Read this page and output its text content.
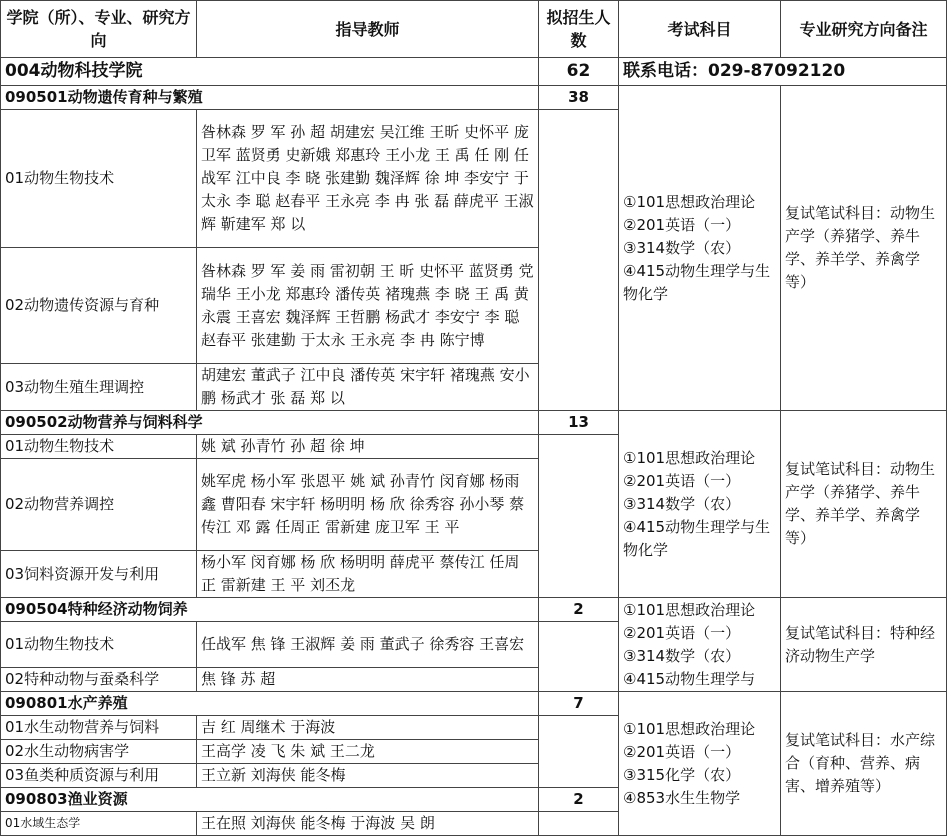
学院（所）、专业、研究方向	指导教师	拟招生人数	考试科目	专业研究方向备注
004动物科技学院		62	联系电话：029-87092120	
090501动物遗传育种与繁殖		38	①101思想政治理论
②201英语（一）
③314数学（农）
④415动物生理学与生物化学	复试笔试科目：动物生产学（养猪学、养牛学、养羊学、养禽学等）
01动物生物技术	昝林森 罗 军 孙 超 胡建宏 吴江维 王昕 史怀平 庞卫军 蓝贤勇 史新娥 郑惠玲 王小龙 王 禹 任 刚 任战军 江中良 李 晓 张建勤 魏泽辉 徐 坤 李安宁 于太永 李 聪 赵春平 王永亮 李 冉 张 磊 薛虎平 王淑辉 靳建军 郑 以			
02动物遗传资源与育种	昝林森 罗 军 姜 雨 雷初朝 王 昕 史怀平 蓝贤勇 党瑞华 王小龙 郑惠玲 潘传英 褚瑰燕 李 晓 王 禹 黄永震 王喜宏 魏泽辉 王哲鹏 杨武才 李安宁 李 聪 赵春平 张建勤 于太永 王永亮 李 冉 陈宁博			
03动物生殖生理调控	胡建宏 董武子 江中良 潘传英 宋宇轩 褚瑰燕 安小鹏 杨武才 张 磊 郑 以			
090502动物营养与饲料科学		13	①101思想政治理论
②201英语（一）
③314数学（农）
④415动物生理学与生物化学	复试笔试科目：动物生产学（养猪学、养牛学、养羊学、养禽学等）
01动物生物技术	姚 斌 孙青竹 孙 超 徐 坤			
02动物营养调控	姚军虎 杨小军 张恩平 姚 斌 孙青竹 闵育娜 杨雨鑫 曹阳春 宋宇轩 杨明明 杨 欣 徐秀容 孙小琴 蔡传江 邓 露 任周正 雷新建 庞卫军 王 平			
03饲料资源开发与利用	杨小军 闵育娜 杨 欣 杨明明 薛虎平 蔡传江 任周正 雷新建 王 平 刘丕龙			
090504特种经济动物饲养		2	①101思想政治理论
②201英语（一）
③314数学（农）
④415动物生理学与	复试笔试科目：特种经济动物生产学
01动物生物技术	任战军 焦 锋 王淑辉 姜 雨 董武子 徐秀容 王喜宏			
02特种动物与蚕桑科学	焦 锋 苏 超			
090801水产养殖		7	①101思想政治理论
②201英语（一）
③315化学（农）
④853水生生物学	复试笔试科目：水产综合（育种、营养、病害、增养殖等）
01水生动物营养与饲料	吉 红 周继术 于海波			
02水生动物病害学	王高学 凌 飞 朱 斌 王二龙			
03鱼类种质资源与利用	王立新 刘海侠 能冬梅			
090803渔业资源		2		
01水域生态学	王在照 刘海侠 能冬梅 于海波 吴 朗			
